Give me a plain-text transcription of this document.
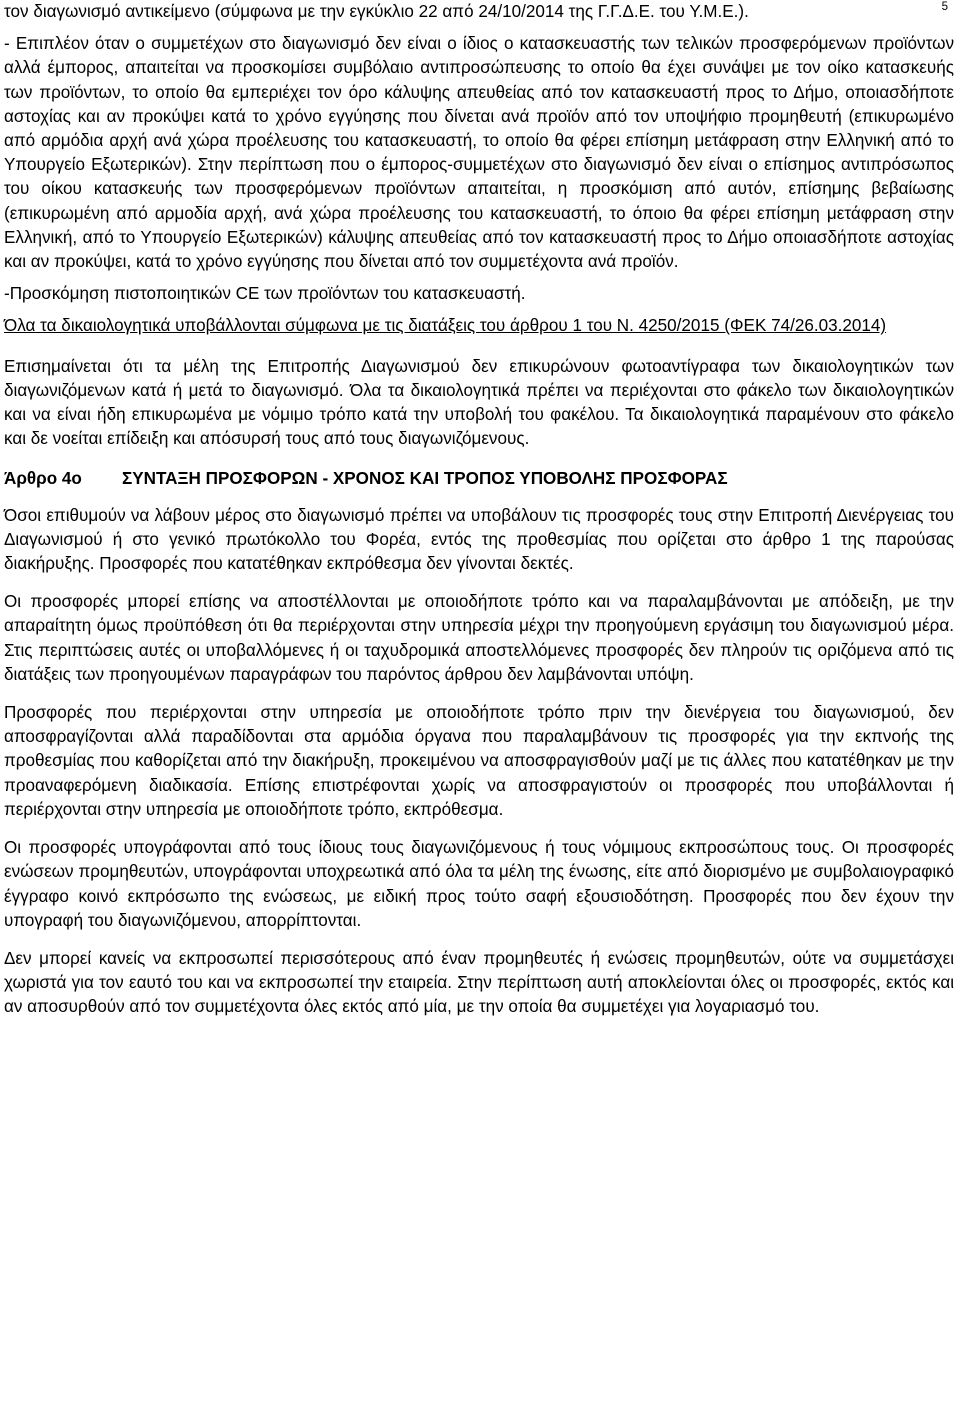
5

τον διαγωνισμό αντικείμενο (σύμφωνα με την εγκύκλιο 22 από 24/10/2014 της Γ.Γ.Δ.Ε. του Υ.Μ.Ε.).

- Επιπλέον όταν ο συμμετέχων στο διαγωνισμό δεν είναι ο ίδιος ο κατασκευαστής των τελικών προσφερόμενων προϊόντων αλλά έμπορος, απαιτείται να προσκομίσει συμβόλαιο αντιπροσώπευσης το οποίο θα έχει συνάψει με τον οίκο κατασκευής των προϊόντων, το οποίο θα εμπεριέχει τον όρο κάλυψης απευθείας από τον κατασκευαστή προς το Δήμο, οποιασδήποτε αστοχίας και αν προκύψει κατά το χρόνο εγγύησης που δίνεται ανά προϊόν από τον υποψήφιο προμηθευτή (επικυρωμένο από αρμόδια αρχή ανά χώρα προέλευσης του κατασκευαστή, το οποίο θα φέρει επίσημη μετάφραση στην Ελληνική από το Υπουργείο Εξωτερικών). Στην περίπτωση που ο έμπορος-συμμετέχων στο διαγωνισμό δεν είναι ο επίσημος αντιπρόσωπος του οίκου κατασκευής των προσφερόμενων προϊόντων απαιτείται, η προσκόμιση από αυτόν, επίσημης βεβαίωσης (επικυρωμένη από αρμοδία αρχή, ανά χώρα προέλευσης του κατασκευαστή, το όποιο θα φέρει επίσημη μετάφραση στην Ελληνική, από το Υπουργείο Εξωτερικών) κάλυψης απευθείας από τον κατασκευαστή προς το Δήμο οποιασδήποτε αστοχίας και αν προκύψει, κατά το χρόνο εγγύησης που δίνεται από τον συμμετέχοντα ανά προϊόν.

-Προσκόμηση πιστοποιητικών CE των προϊόντων του κατασκευαστή.

Όλα τα δικαιολογητικά υποβάλλονται σύμφωνα με τις διατάξεις του άρθρου 1 του Ν. 4250/2015 (ΦΕΚ 74/26.03.2014)

Επισημαίνεται ότι τα μέλη της Επιτροπής Διαγωνισμού δεν επικυρώνουν φωτοαντίγραφα των δικαιολογητικών των διαγωνιζόμενων κατά ή μετά το διαγωνισμό. Όλα τα δικαιολογητικά πρέπει να περιέχονται στο φάκελο των δικαιολογητικών και να είναι ήδη επικυρωμένα με νόμιμο τρόπο κατά την υποβολή του φακέλου. Τα δικαιολογητικά παραμένουν στο φάκελο και δε νοείται επίδειξη και απόσυρσή τους από τους διαγωνιζόμενους.

Άρθρο 4ο ΣΥΝΤΑΞΗ ΠΡΟΣΦΟΡΩΝ - ΧΡΟΝΟΣ ΚΑΙ ΤΡΟΠΟΣ ΥΠΟΒΟΛΗΣ ΠΡΟΣΦΟΡΑΣ

Όσοι επιθυμούν να λάβουν μέρος στο διαγωνισμό πρέπει να υποβάλουν τις προσφορές τους στην Επιτροπή Διενέργειας του Διαγωνισμού ή στο γενικό πρωτόκολλο του Φορέα, εντός της προθεσμίας που ορίζεται στο άρθρο 1 της παρούσας διακήρυξης. Προσφορές που κατατέθηκαν εκπρόθεσμα δεν γίνονται δεκτές.

Οι προσφορές μπορεί επίσης να αποστέλλονται με οποιοδήποτε τρόπο και να παραλαμβάνονται με απόδειξη, με την απαραίτητη όμως προϋπόθεση ότι θα περιέρχονται στην υπηρεσία μέχρι την προηγούμενη εργάσιμη του διαγωνισμού μέρα. Στις περιπτώσεις αυτές οι υποβαλλόμενες ή οι ταχυδρομικά αποστελλόμενες προσφορές δεν πληρούν τις οριζόμενα από τις διατάξεις των προηγουμένων παραγράφων του παρόντος άρθρου δεν λαμβάνονται υπόψη.

Προσφορές που περιέρχονται στην υπηρεσία με οποιοδήποτε τρόπο πριν την διενέργεια του διαγωνισμού, δεν αποσφραγίζονται αλλά παραδίδονται στα αρμόδια όργανα που παραλαμβάνουν τις προσφορές για την εκπνοής της προθεσμίας που καθορίζεται από την διακήρυξη, προκειμένου να αποσφραγισθούν μαζί με τις άλλες που κατατέθηκαν με την προαναφερόμενη διαδικασία. Επίσης επιστρέφονται χωρίς να αποσφραγιστούν οι προσφορές που υποβάλλονται ή περιέρχονται στην υπηρεσία με οποιοδήποτε τρόπο, εκπρόθεσμα.

Οι προσφορές υπογράφονται από τους ίδιους τους διαγωνιζόμενους ή τους νόμιμους εκπροσώπους τους. Οι προσφορές ενώσεων προμηθευτών, υπογράφονται υποχρεωτικά από όλα τα μέλη της ένωσης, είτε από διορισμένο με συμβολαιογραφικό έγγραφο κοινό εκπρόσωπο της ενώσεως, με ειδική προς τούτο σαφή εξουσιοδότηση. Προσφορές που δεν έχουν την υπογραφή του διαγωνιζόμενου, απορρίπτονται.

Δεν μπορεί κανείς να εκπροσωπεί περισσότερους από έναν προμηθευτές ή ενώσεις προμηθευτών, ούτε να συμμετάσχει χωριστά για τον εαυτό του και να εκπροσωπεί την εταιρεία. Στην περίπτωση αυτή αποκλείονται όλες οι προσφορές, εκτός και αν αποσυρθούν από τον συμμετέχοντα όλες εκτός από μία, με την οποία θα συμμετέχει για λογαριασμό του.
